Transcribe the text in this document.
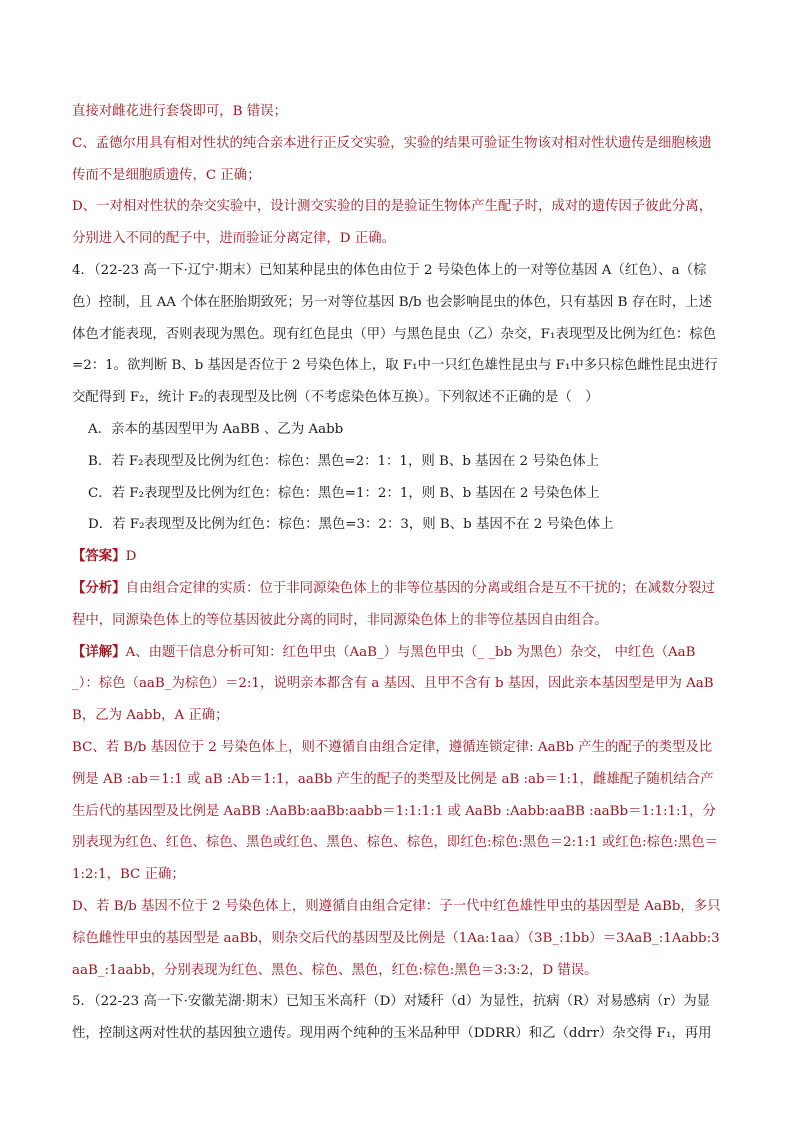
直接对雌花进行套袋即可，B 错误；

C、孟德尔用具有相对性状的纯合亲本进行正反交实验，实验的结果可验证生物该对相对性状遗传是细胞核遗传而不是细胞质遗传，C 正确；

D、一对相对性状的杂交实验中，设计测交实验的目的是验证生物体产生配子时，成对的遗传因子彼此分离，分别进入不同的配子中，进而验证分离定律，D 正确。

4．（22-23 高一下·辽宁·期末）已知某种昆虫的体色由位于 2 号染色体上的一对等位基因 A（红色）、a（棕色）控制，且 AA 个体在胚胎期致死；另一对等位基因 B/b 也会影响昆虫的体色，只有基因 B 存在时，上述体色才能表现，否则表现为黑色。现有红色昆虫（甲）与黑色昆虫（乙）杂交，F₁表现型及比例为红色：棕色=2：1。欲判断 B、b 基因是否位于 2 号染色体上，取 F₁中一只红色雄性昆虫与 F₁中多只棕色雌性昆虫进行交配得到 F₂，统计 F₂的表现型及比例（不考虑染色体互换）。下列叙述不正确的是（　）

A．亲本的基因型甲为 AaBB 、乙为 Aabb

B．若 F₂表现型及比例为红色：棕色：黑色=2：1：1，则 B、b 基因在 2 号染色体上

C．若 F₂表现型及比例为红色：棕色：黑色=1：2：1，则 B、b 基因在 2 号染色体上

D．若 F₂表现型及比例为红色：棕色：黑色=3：2：3，则 B、b 基因不在 2 号染色体上

【答案】D

【分析】自由组合定律的实质：位于非同源染色体上的非等位基因的分离或组合是互不干扰的；在减数分裂过程中，同源染色体上的等位基因彼此分离的同时，非同源染色体上的非等位基因自由组合。

【详解】A、由题干信息分析可知：红色甲虫（AaB_）与黑色甲虫（_ _bb 为黑色）杂交， 中红色（AaB_）：棕色（aaB_为棕色）＝2:1，说明亲本都含有 a 基因、且甲不含有 b 基因，因此亲本基因型是甲为 AaBB，乙为 Aabb，A 正确；

BC、若 B/b 基因位于 2 号染色体上，则不遵循自由组合定律，遵循连锁定律: AaBb 产生的配子的类型及比例是 AB :ab＝1:1 或 aB :Ab＝1:1，aaBb 产生的配子的类型及比例是 aB :ab＝1:1，雌雄配子随机结合产生后代的基因型及比例是 AaBB :AaBb:aaBb:aabb＝1:1:1:1 或 AaBb :Aabb:aaBB :aaBb＝1:1:1:1，分别表现为红色、红色、棕色、黑色或红色、黑色、棕色、棕色，即红色:棕色:黑色＝2:1:1 或红色:棕色:黑色＝1:2:1，BC 正确；

D、若 B/b 基因不位于 2 号染色体上，则遵循自由组合定律：子一代中红色雄性甲虫的基因型是 AaBb，多只棕色雌性甲虫的基因型是 aaBb，则杂交后代的基因型及比例是（1Aa:1aa）（3B_:1bb）＝3AaB_:1Aabb:3aaB_:1aabb，分别表现为红色、黑色、棕色、黑色，红色:棕色:黑色＝3:3:2，D 错误。

5．（22-23 高一下·安徽芜湖·期末）已知玉米高秆（D）对矮秆（d）为显性，抗病（R）对易感病（r）为显性，控制这两对性状的基因独立遗传。现用两个纯种的玉米品种甲（DDRR）和乙（ddrr）杂交得 F₁，再用
